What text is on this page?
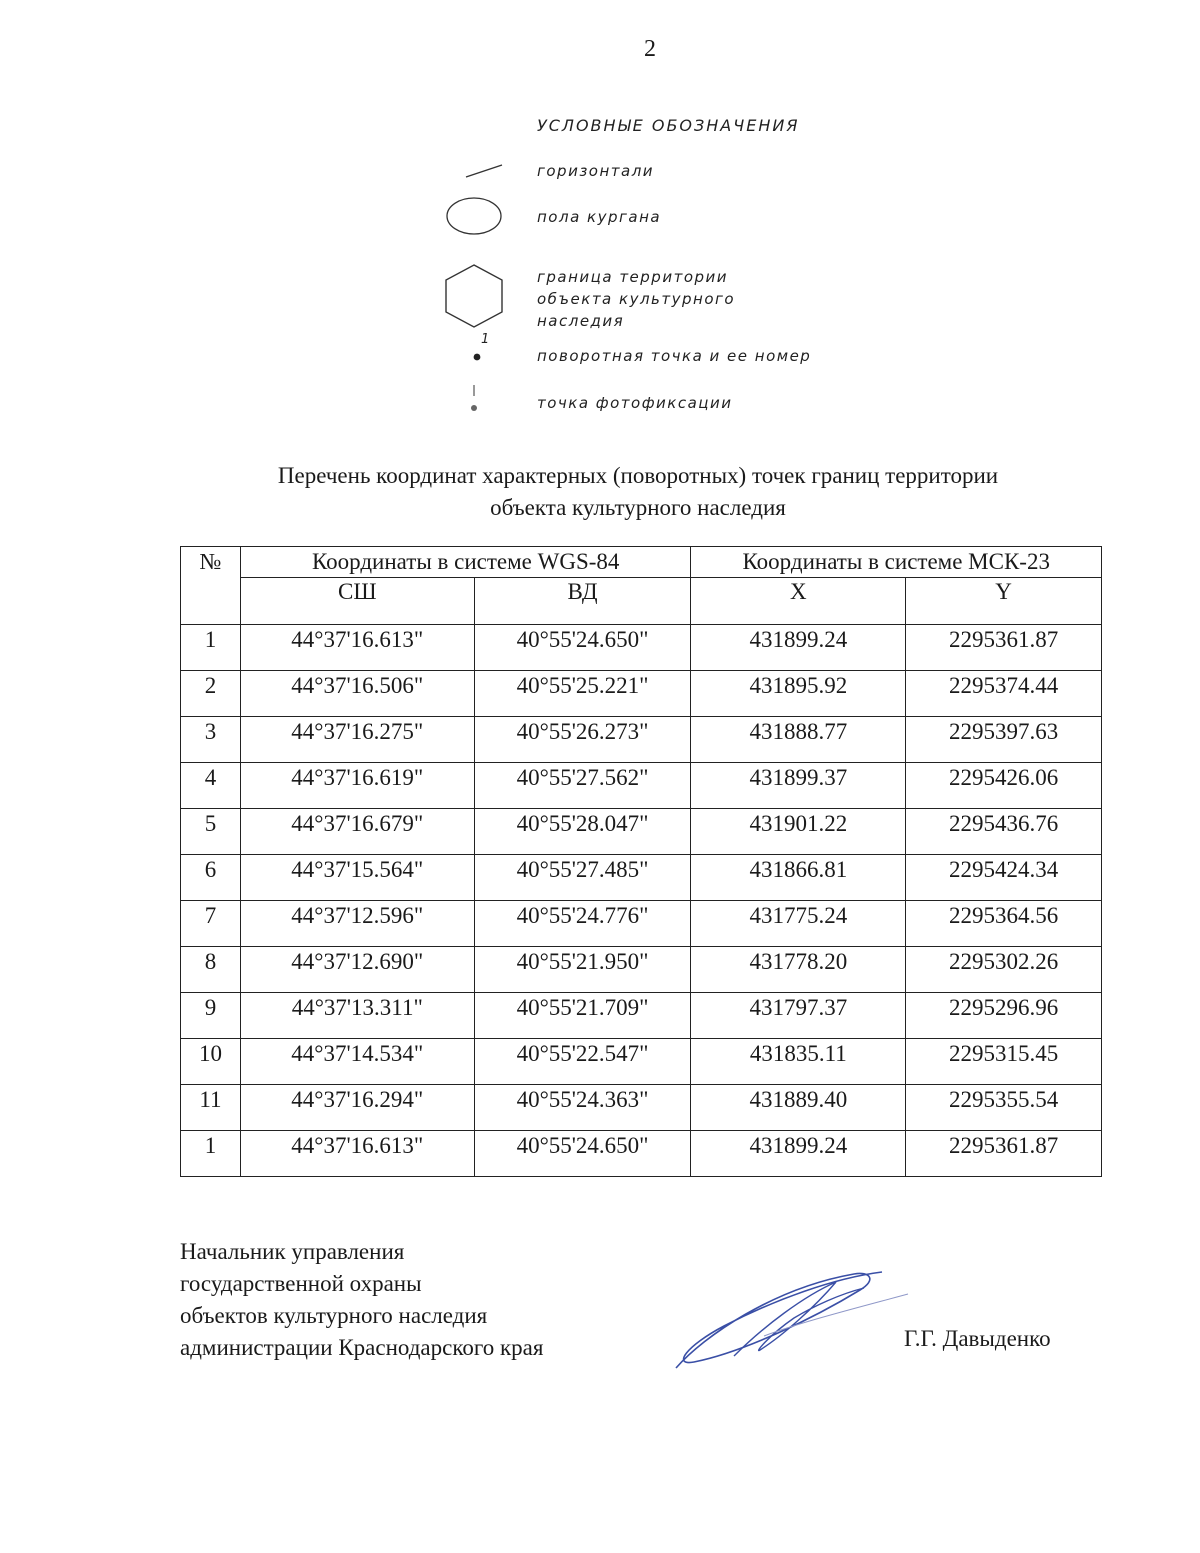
2
УСЛОВНЫЕ ОБОЗНАЧЕНИЯ
горизонтали
пола кургана
граница территории
объекта культурного
наследия
1
поворотная точка и ее номер
точка фотофиксации
Перечень координат характерных (поворотных) точек границ территории
объекта культурного наследия
№	Координаты в системе WGS-84		Координаты в системе МСК-23	
	СШ	ВД	X	Y
1	44°37'16.613"	40°55'24.650"	431899.24	2295361.87
2	44°37'16.506"	40°55'25.221"	431895.92	2295374.44
3	44°37'16.275"	40°55'26.273"	431888.77	2295397.63
4	44°37'16.619"	40°55'27.562"	431899.37	2295426.06
5	44°37'16.679"	40°55'28.047"	431901.22	2295436.76
6	44°37'15.564"	40°55'27.485"	431866.81	2295424.34
7	44°37'12.596"	40°55'24.776"	431775.24	2295364.56
8	44°37'12.690"	40°55'21.950"	431778.20	2295302.26
9	44°37'13.311"	40°55'21.709"	431797.37	2295296.96
10	44°37'14.534"	40°55'22.547"	431835.11	2295315.45
11	44°37'16.294"	40°55'24.363"	431889.40	2295355.54
1	44°37'16.613"	40°55'24.650"	431899.24	2295361.87
Начальник управления
государственной охраны
объектов культурного наследия
администрации Краснодарского края	Г.Г. Давыденко
